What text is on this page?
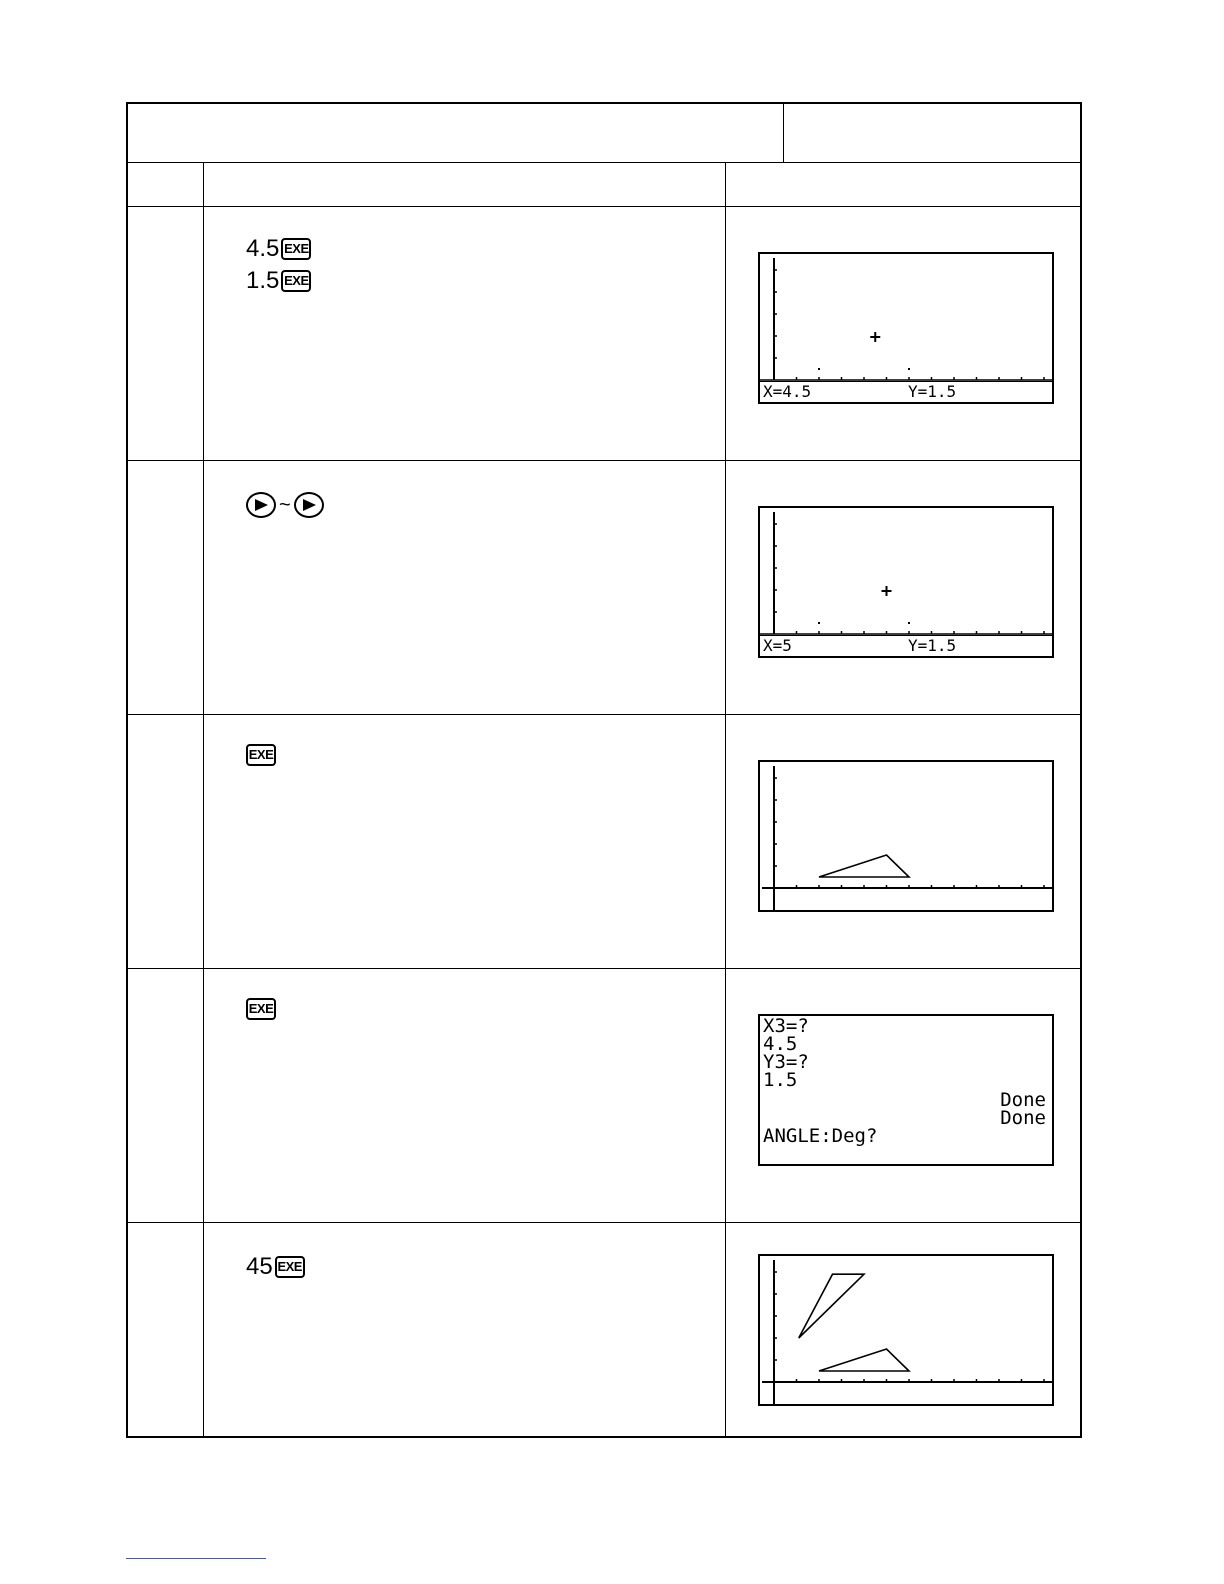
4.5 EXE
1.5 EXE
X=4.5	Y=1.5
~
X=5	Y=1.5
EXE
EXE
X3=?
4.5
Y3=?
1.5
Done
Done
ANGLE:Deg?
45 EXE
